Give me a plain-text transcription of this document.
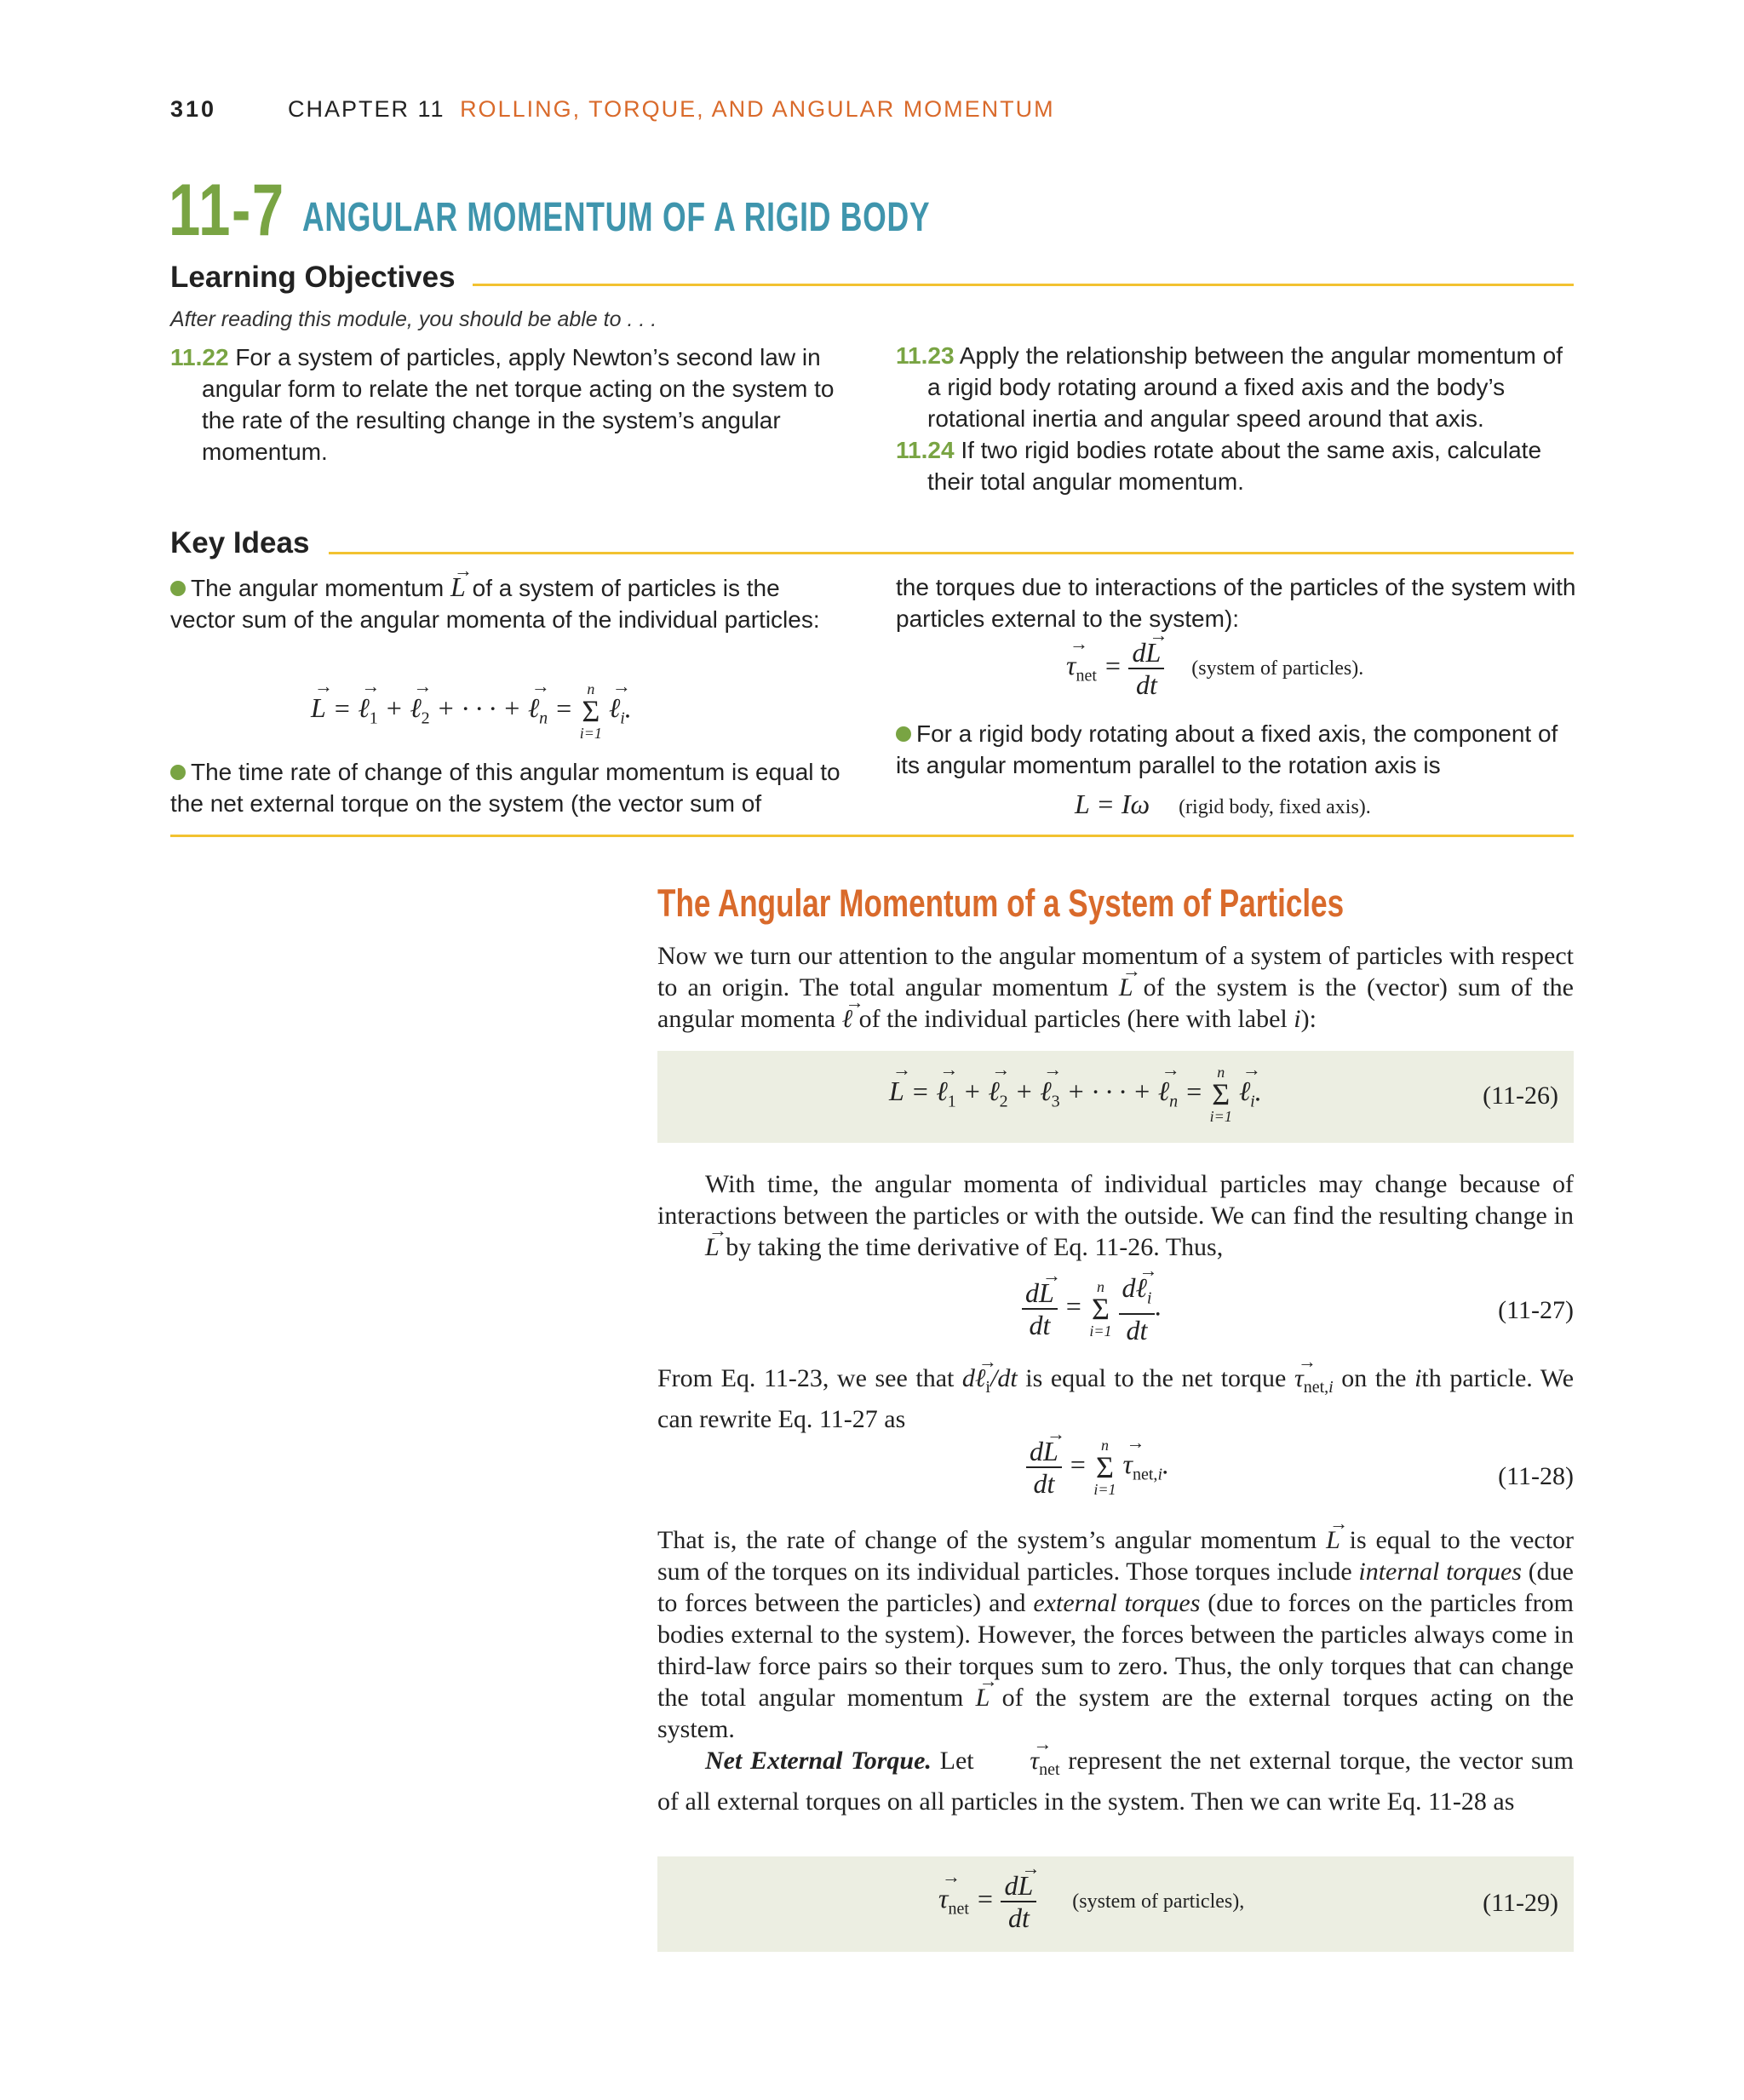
310	CHAPTER 11 ROLLING, TORQUE, AND ANGULAR MOMENTUM
11-7 ANGULAR MOMENTUM OF A RIGID BODY
Learning Objectives
After reading this module, you should be able to . . .
11.22 For a system of particles, apply Newton’s second law in angular form to relate the net torque acting on the system to the rate of the resulting change in the system’s angular momentum.
11.23 Apply the relationship between the angular momentum of a rigid body rotating around a fixed axis and the body’s rotational inertia and angular speed around that axis.
11.24 If two rigid bodies rotate about the same axis, calculate their total angular momentum.
Key Ideas
The angular momentum L → of a system of particles is the vector sum of the angular momenta of the individual particles:
L → = ℓ $\to_1$ + ℓ $\to_2$ + · · · + ℓ $\to_n$ =
n
Σ
i=1
ℓ $\to_i$.
The time rate of change of this angular momentum is equal to the net external torque on the system (the vector sum of
the torques due to interactions of the particles of the system with particles external to the system):
$\tau \to_{net} = \frac{dL \to}{dt}$ (system of particles).
For a rigid body rotating about a fixed axis, the component of its angular momentum parallel to the rotation axis is
L = Iω (rigid body, fixed axis).
The Angular Momentum of a System of Particles
Now we turn our attention to the angular momentum of a system of particles with respect to an origin. The total angular momentum L → of the system is the (vector) sum of the angular momenta ℓ → of the individual particles (here with label i):
L → = ℓ $\to_1$ + ℓ $\to_2$ + ℓ $\to_3$ + · · · + ℓ $\to_n$ =
n
Σ
i=1
ℓ $\to_i$.	(11-26)
With time, the angular momenta of individual particles may change because of interactions between the particles or with the outside. We can find the resulting change in L → by taking the time derivative of Eq. 11-26. Thus,
$\frac{dL \to}{dt}$ =
n
Σ
i=1
$\frac{d\ell \to_i}{dt}$ .	(11-27)
From Eq. 11-23, we see that dℓ $\to_i/dt$ is equal to the net torque $\tau \to_{net,i}$ on the ith particle. We can rewrite Eq. 11-27 as
$\frac{dL \to}{dt}$ =
n
Σ
i=1
$\tau \to_{net,i}$.	(11-28)
That is, the rate of change of the system’s angular momentum L → is equal to the vector sum of the torques on its individual particles. Those torques include internal torques (due to forces between the particles) and external torques (due to forces on the particles from bodies external to the system). However, the forces between the particles always come in third-law force pairs so their torques sum to zero. Thus, the only torques that can change the total angular momentum L → of the system are the external torques acting on the system.
Net External Torque. Let $\tau \to_{net}$ represent the net external torque, the vector sum of all external torques on all particles in the system. Then we can write Eq. 11-28 as
$\tau \to_{net} = \frac{dL \to}{dt}$ (system of particles),	(11-29)
